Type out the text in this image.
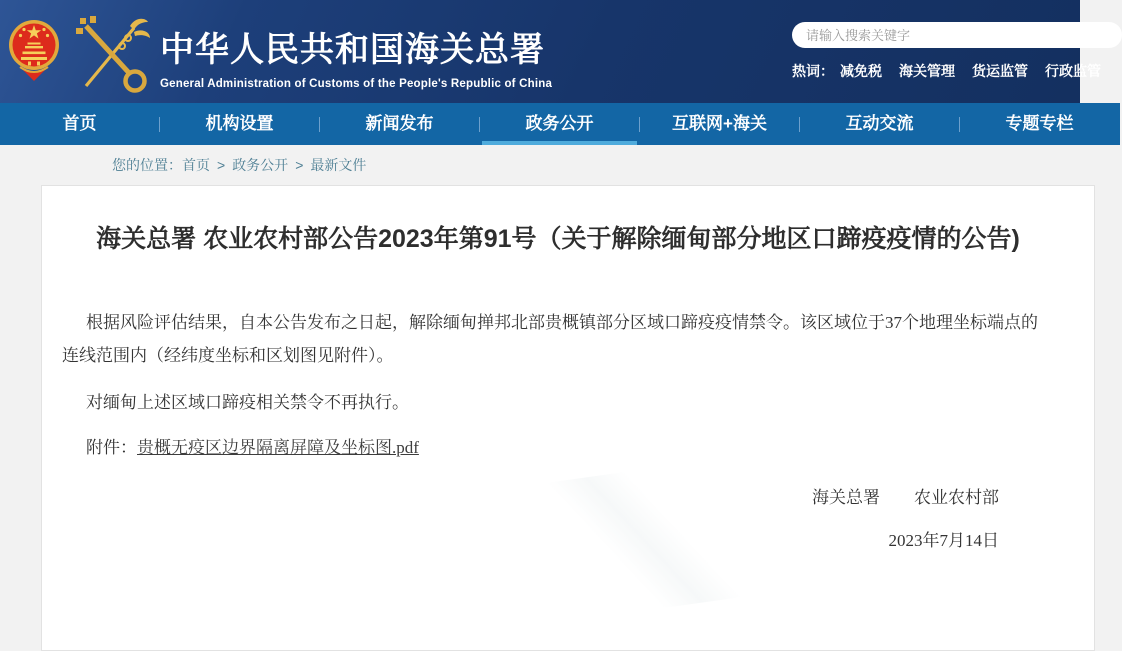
中华人民共和国海关总署
General Administration of Customs of the People's Republic of China
请输入搜索关键字
热词： 减免税 海关管理 货运监管 行政监管
首页	机构设置	新闻发布	政务公开	互联网+海关	互动交流	专题专栏
您的位置：首页 > 政务公开 > 最新文件
海关总署 农业农村部公告2023年第91号（关于解除缅甸部分地区口蹄疫疫情的公告)

根据风险评估结果，自本公告发布之日起，解除缅甸掸邦北部贵概镇部分区域口蹄疫疫情禁令。该区域位于37个地理坐标端点的连线范围内（经纬度坐标和区划图见附件）。

对缅甸上述区域口蹄疫相关禁令不再执行。

附件：贵概无疫区边界隔离屏障及坐标图.pdf

海关总署 农业农村部
2023年7月14日
